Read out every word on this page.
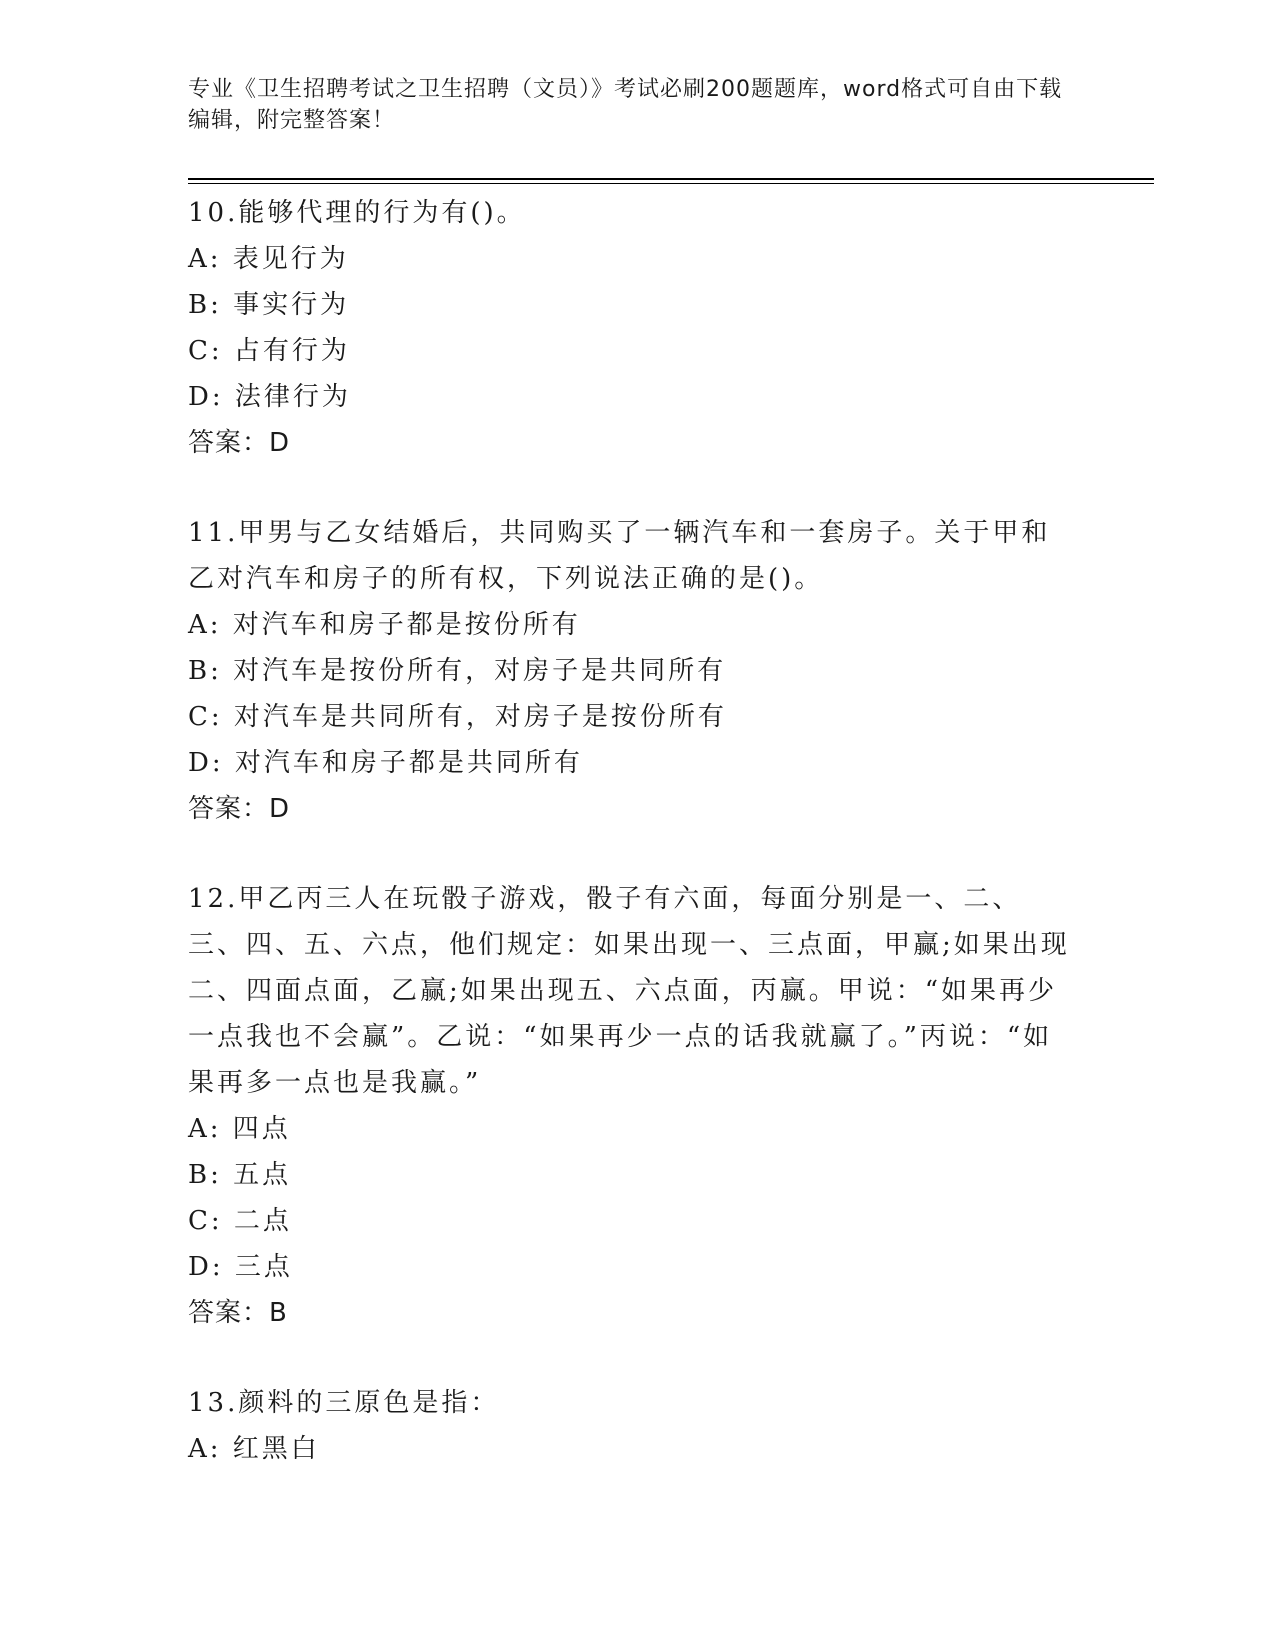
专业《卫生招聘考试之卫生招聘（文员）》考试必刷200题题库，word格式可自由下载编辑，附完整答案！
10.能够代理的行为有()。
A: 表见行为
B: 事实行为
C: 占有行为
D: 法律行为
答案：D
11.甲男与乙女结婚后，共同购买了一辆汽车和一套房子。关于甲和乙对汽车和房子的所有权，下列说法正确的是()。
A: 对汽车和房子都是按份所有
B: 对汽车是按份所有，对房子是共同所有
C: 对汽车是共同所有，对房子是按份所有
D: 对汽车和房子都是共同所有
答案：D
12.甲乙丙三人在玩骰子游戏，骰子有六面，每面分别是一、二、三、四、五、六点，他们规定：如果出现一、三点面，甲赢;如果出现二、四面点面，乙赢;如果出现五、六点面，丙赢。甲说：“如果再少一点我也不会赢”。乙说：“如果再少一点的话我就赢了。”丙说：“如果再多一点也是我赢。”
A: 四点
B: 五点
C: 二点
D: 三点
答案：B
13.颜料的三原色是指：
A: 红黑白
